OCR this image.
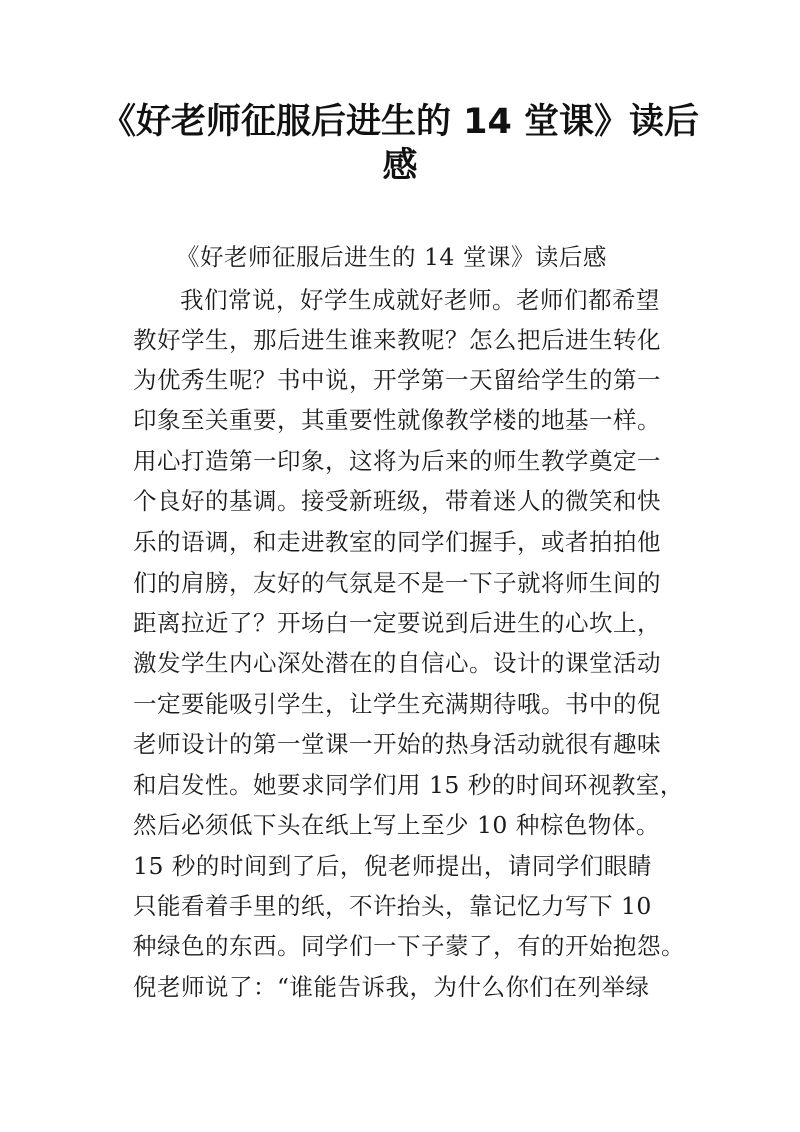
《好老师征服后进生的 14 堂课》读后
感
《好老师征服后进生的 14 堂课》读后感
我们常说，好学生成就好老师。老师们都希望
教好学生，那后进生谁来教呢？怎么把后进生转化
为优秀生呢？书中说，开学第一天留给学生的第一
印象至关重要，其重要性就像教学楼的地基一样。
用心打造第一印象，这将为后来的师生教学奠定一
个良好的基调。接受新班级，带着迷人的微笑和快
乐的语调，和走进教室的同学们握手，或者拍拍他
们的肩膀，友好的气氛是不是一下子就将师生间的
距离拉近了？开场白一定要说到后进生的心坎上，
激发学生内心深处潜在的自信心。设计的课堂活动
一定要能吸引学生，让学生充满期待哦。书中的倪
老师设计的第一堂课一开始的热身活动就很有趣味
和启发性。她要求同学们用 15 秒的时间环视教室，
然后必须低下头在纸上写上至少 10 种棕色物体。
15 秒的时间到了后，倪老师提出，请同学们眼睛
只能看着手里的纸，不许抬头，靠记忆力写下 10
种绿色的东西。同学们一下子蒙了，有的开始抱怨。
倪老师说了：“谁能告诉我，为什么你们在列举绿
